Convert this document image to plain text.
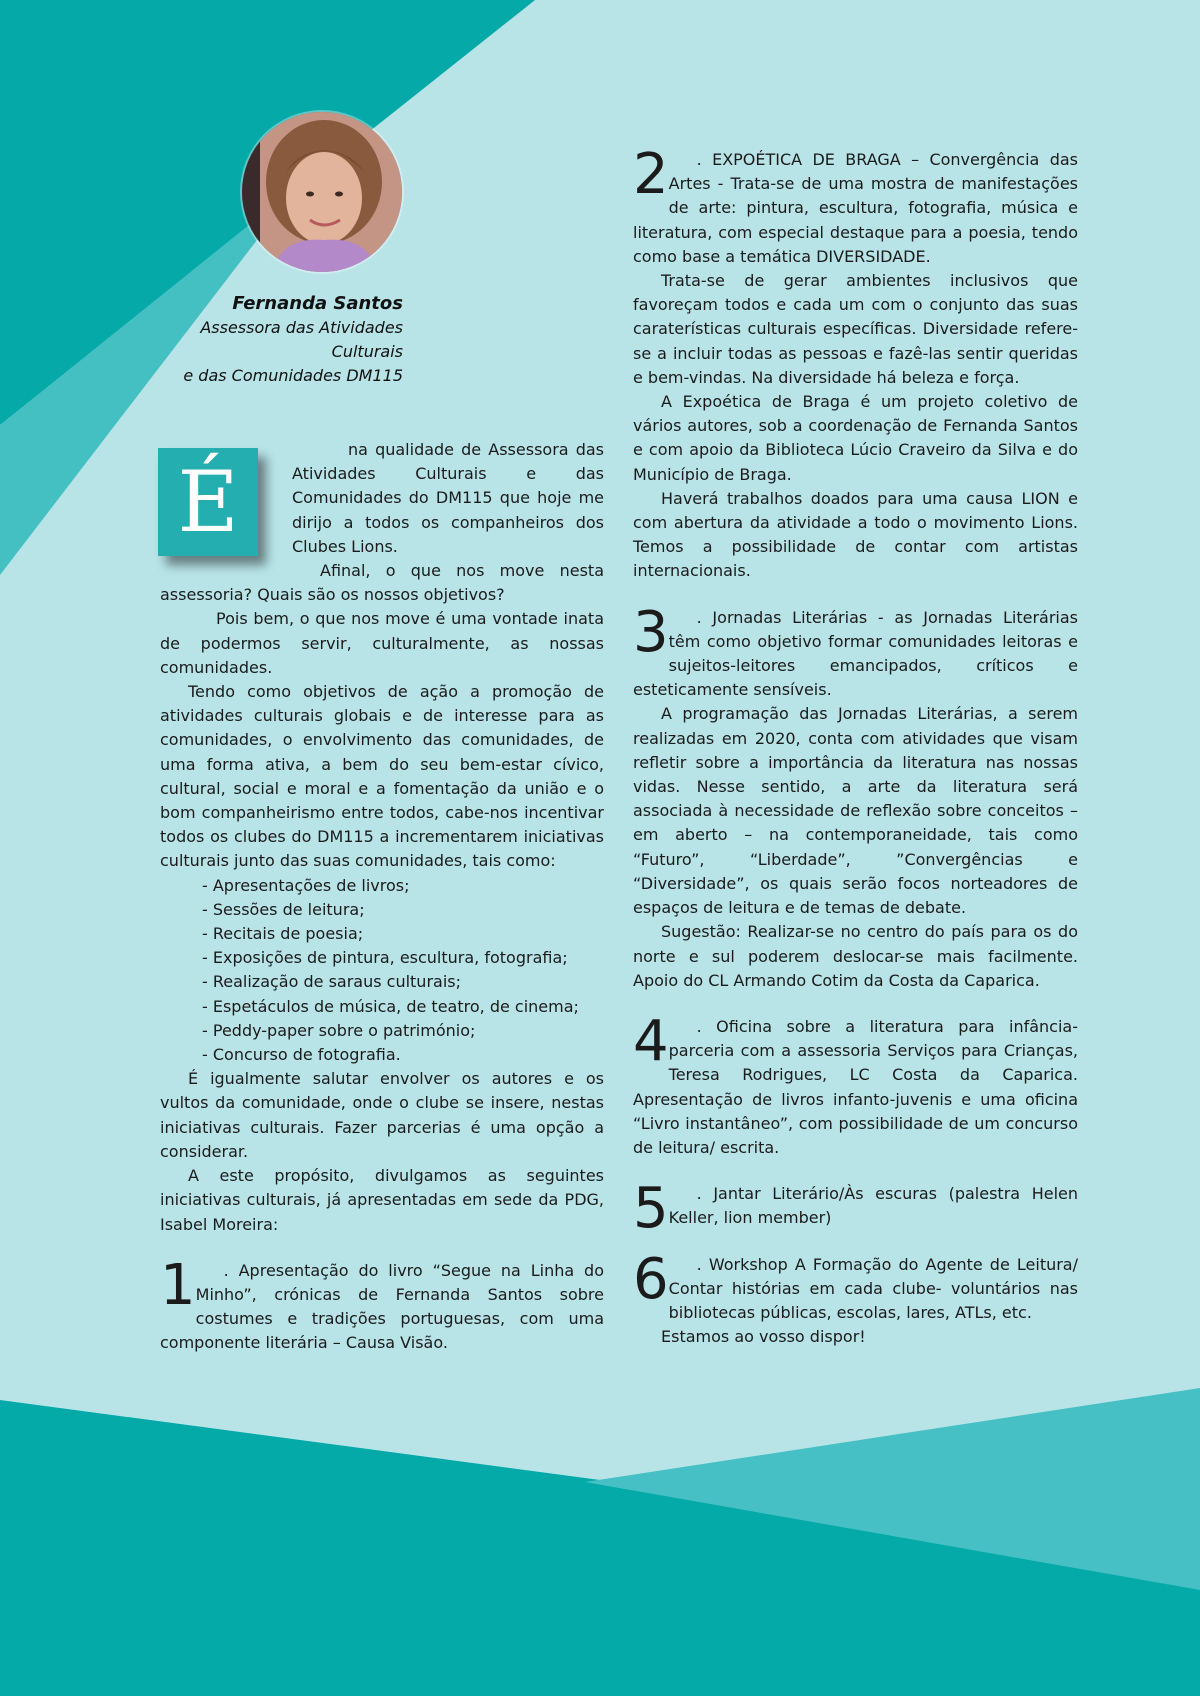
Fernanda Santos
Assessora das Atividades
Culturais
e das Comunidades DM115
É

na qualidade de Assessora das Atividades Culturais e das Comunidades do DM115 que hoje me dirijo a todos os companheiros dos Clubes Lions.

Afinal, o que nos move nesta assessoria? Quais são os nossos objetivos?

Pois bem, o que nos move é uma vontade inata de podermos servir, culturalmente, as nossas comunidades.

Tendo como objetivos de ação a promoção de atividades culturais globais e de interesse para as comunidades, o envolvimento das comunidades, de uma forma ativa, a bem do seu bem-estar cívico, cultural, social e moral e a fomentação da união e o bom companheirismo entre todos, cabe-nos incentivar todos os clubes do DM115 a incrementarem iniciativas culturais junto das suas comunidades, tais como:

- Apresentações de livros;
- Sessões de leitura;
- Recitais de poesia;
- Exposições de pintura, escultura, fotografia;
- Realização de saraus culturais;
- Espetáculos de música, de teatro, de cinema;
- Peddy-paper sobre o património;
- Concurso de fotografia.

É igualmente salutar envolver os autores e os vultos da comunidade, onde o clube se insere, nestas iniciativas culturais. Fazer parcerias é uma opção a considerar.

A este propósito, divulgamos as seguintes iniciativas culturais, já apresentadas em sede da PDG, Isabel Moreira:

1	. Apresentação do livro “Segue na Linha do Minho”, crónicas de Fernanda Santos sobre costumes e tradições portuguesas, com uma componente literária – Causa Visão.

2	. EXPOÉTICA DE BRAGA – Convergência das Artes - Trata-se de uma mostra de manifestações de arte: pintura, escultura, fotografia, música e literatura, com especial destaque para a poesia, tendo como base a temática DIVERSIDADE.

Trata-se de gerar ambientes inclusivos que favoreçam todos e cada um com o conjunto das suas caraterísticas culturais específicas. Diversidade refere-se a incluir todas as pessoas e fazê-las sentir queridas e bem-vindas. Na diversidade há beleza e força.

A Expoética de Braga é um projeto coletivo de vários autores, sob a coordenação de Fernanda Santos e com apoio da Biblioteca Lúcio Craveiro da Silva e do Município de Braga.

Haverá trabalhos doados para uma causa LION e com abertura da atividade a todo o movimento Lions. Temos a possibilidade de contar com artistas internacionais.

3	. Jornadas Literárias - as Jornadas Literárias têm como objetivo formar comunidades leitoras e sujeitos-leitores emancipados, críticos e esteticamente sensíveis.

A programação das Jornadas Literárias, a serem realizadas em 2020, conta com atividades que visam refletir sobre a importância da literatura nas nossas vidas. Nesse sentido, a arte da literatura será associada à necessidade de reflexão sobre conceitos – em aberto – na contemporaneidade, tais como “Futuro”, “Liberdade”, ”Convergências e “Diversidade”, os quais serão focos norteadores de espaços de leitura e de temas de debate.

Sugestão: Realizar-se no centro do país para os do norte e sul poderem deslocar-se mais facilmente. Apoio do CL Armando Cotim da Costa da Caparica.

4	. Oficina sobre a literatura para infância- parceria com a assessoria Serviços para Crianças, Teresa Rodrigues, LC Costa da Caparica. Apresentação de livros infanto-juvenis e uma oficina “Livro instantâneo”, com possibilidade de um concurso de leitura/ escrita.

5	. Jantar Literário/Às escuras (palestra Helen Keller, lion member)

6	. Workshop A Formação do Agente de Leitura/ Contar histórias em cada clube- voluntários nas bibliotecas públicas, escolas, lares, ATLs, etc.

Estamos ao vosso dispor!
